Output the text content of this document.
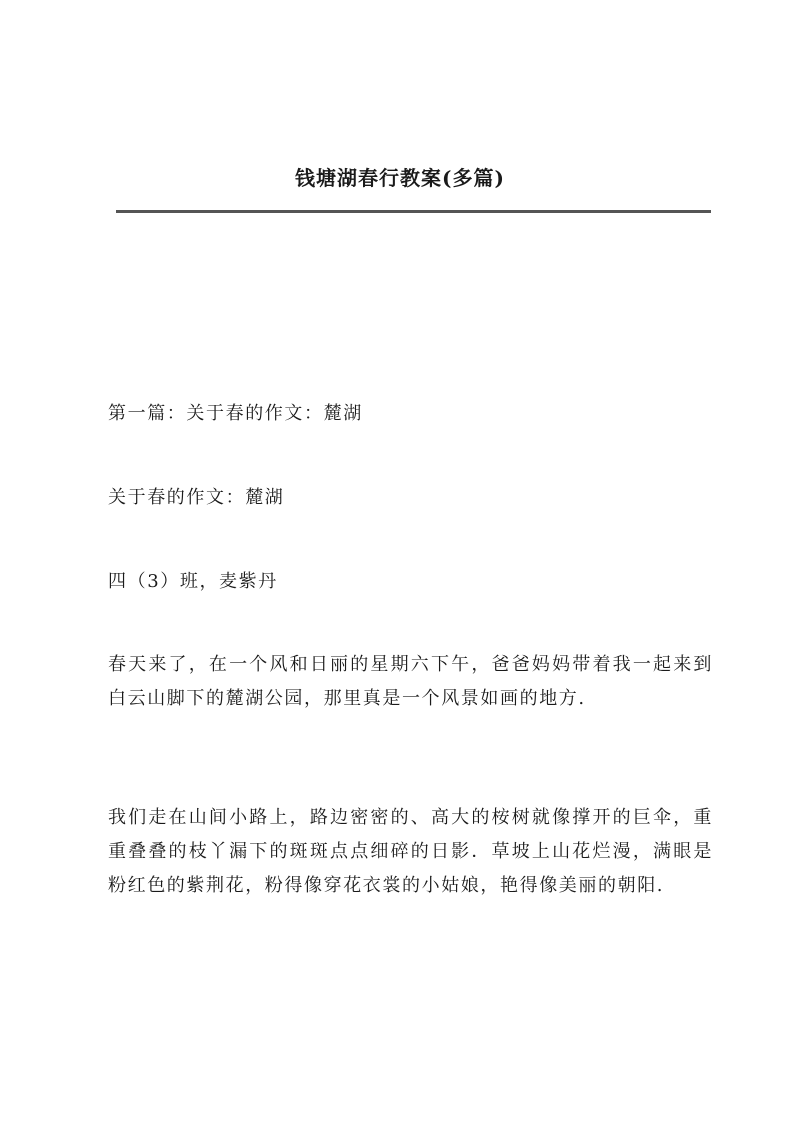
钱塘湖春行教案(多篇)
第一篇：关于春的作文：麓湖
关于春的作文：麓湖
四（3）班，麦紫丹
春天来了，在一个风和日丽的星期六下午，爸爸妈妈带着我一起来到白云山脚下的麓湖公园，那里真是一个风景如画的地方.
我们走在山间小路上，路边密密的、高大的桉树就像撑开的巨伞，重重叠叠的枝丫漏下的斑斑点点细碎的日影．草坡上山花烂漫，满眼是粉红色的紫荆花，粉得像穿花衣裳的小姑娘，艳得像美丽的朝阳.
